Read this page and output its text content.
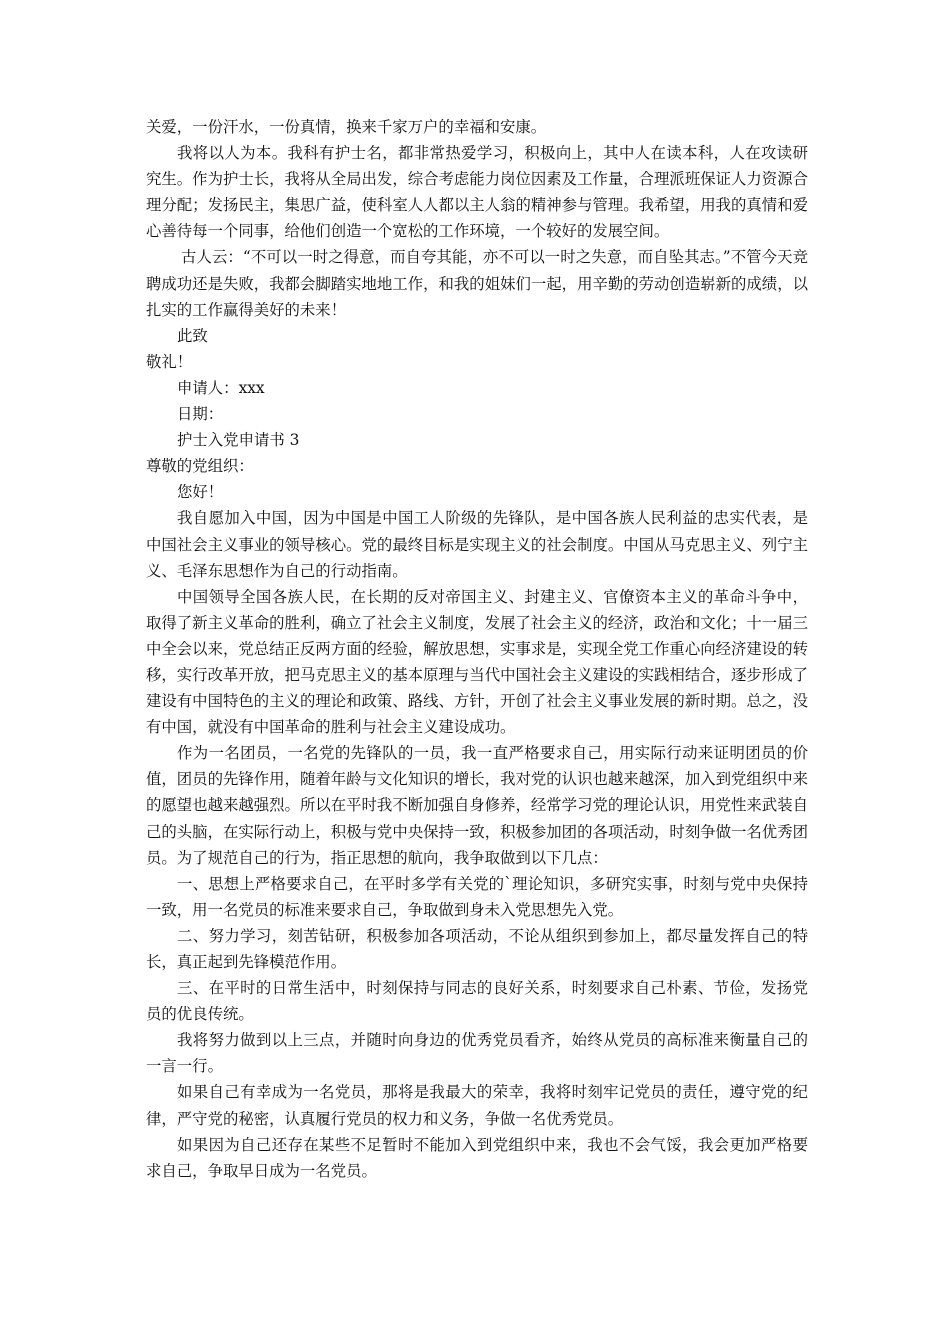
关爱，一份汗水，一份真情，换来千家万户的幸福和安康。

我将以人为本。我科有护士名，都非常热爱学习，积极向上，其中人在读本科，人在攻读研究生。作为护士长，我将从全局出发，综合考虑能力岗位因素及工作量，合理派班保证人力资源合理分配；发扬民主，集思广益，使科室人人都以主人翁的精神参与管理。我希望，用我的真情和爱心善待每一个同事，给他们创造一个宽松的工作环境，一个较好的发展空间。

古人云：“不可以一时之得意，而自夸其能，亦不可以一时之失意，而自坠其志。”不管今天竞聘成功还是失败，我都会脚踏实地地工作，和我的姐妹们一起，用辛勤的劳动创造崭新的成绩，以扎实的工作赢得美好的未来！

此致

敬礼！

申请人：xxx

日期：

护士入党申请书 3

尊敬的党组织：

您好！

我自愿加入中国，因为中国是中国工人阶级的先锋队，是中国各族人民利益的忠实代表，是中国社会主义事业的领导核心。党的最终目标是实现主义的社会制度。中国从马克思主义、列宁主义、毛泽东思想作为自己的行动指南。

中国领导全国各族人民，在长期的反对帝国主义、封建主义、官僚资本主义的革命斗争中，取得了新主义革命的胜利，确立了社会主义制度，发展了社会主义的经济，政治和文化；十一届三中全会以来，党总结正反两方面的经验，解放思想，实事求是，实现全党工作重心向经济建设的转移，实行改革开放，把马克思主义的基本原理与当代中国社会主义建设的实践相结合，逐步形成了建设有中国特色的主义的理论和政策、路线、方针，开创了社会主义事业发展的新时期。总之，没有中国，就没有中国革命的胜利与社会主义建设成功。

作为一名团员，一名党的先锋队的一员，我一直严格要求自己，用实际行动来证明团员的价值，团员的先锋作用，随着年龄与文化知识的增长，我对党的认识也越来越深，加入到党组织中来的愿望也越来越强烈。所以在平时我不断加强自身修养，经常学习党的理论认识，用党性来武装自己的头脑，在实际行动上，积极与党中央保持一致，积极参加团的各项活动，时刻争做一名优秀团员。为了规范自己的行为，指正思想的航向，我争取做到以下几点：

一、思想上严格要求自己，在平时多学有关党的`理论知识，多研究实事，时刻与党中央保持一致，用一名党员的标准来要求自己，争取做到身未入党思想先入党。

二、努力学习，刻苦钻研，积极参加各项活动，不论从组织到参加上，都尽量发挥自己的特长，真正起到先锋模范作用。

三、在平时的日常生活中，时刻保持与同志的良好关系，时刻要求自己朴素、节俭，发扬党员的优良传统。

我将努力做到以上三点，并随时向身边的优秀党员看齐，始终从党员的高标准来衡量自己的一言一行。

如果自己有幸成为一名党员，那将是我最大的荣幸，我将时刻牢记党员的责任，遵守党的纪律，严守党的秘密，认真履行党员的权力和义务，争做一名优秀党员。

如果因为自己还存在某些不足暂时不能加入到党组织中来，我也不会气馁，我会更加严格要求自己，争取早日成为一名党员。
